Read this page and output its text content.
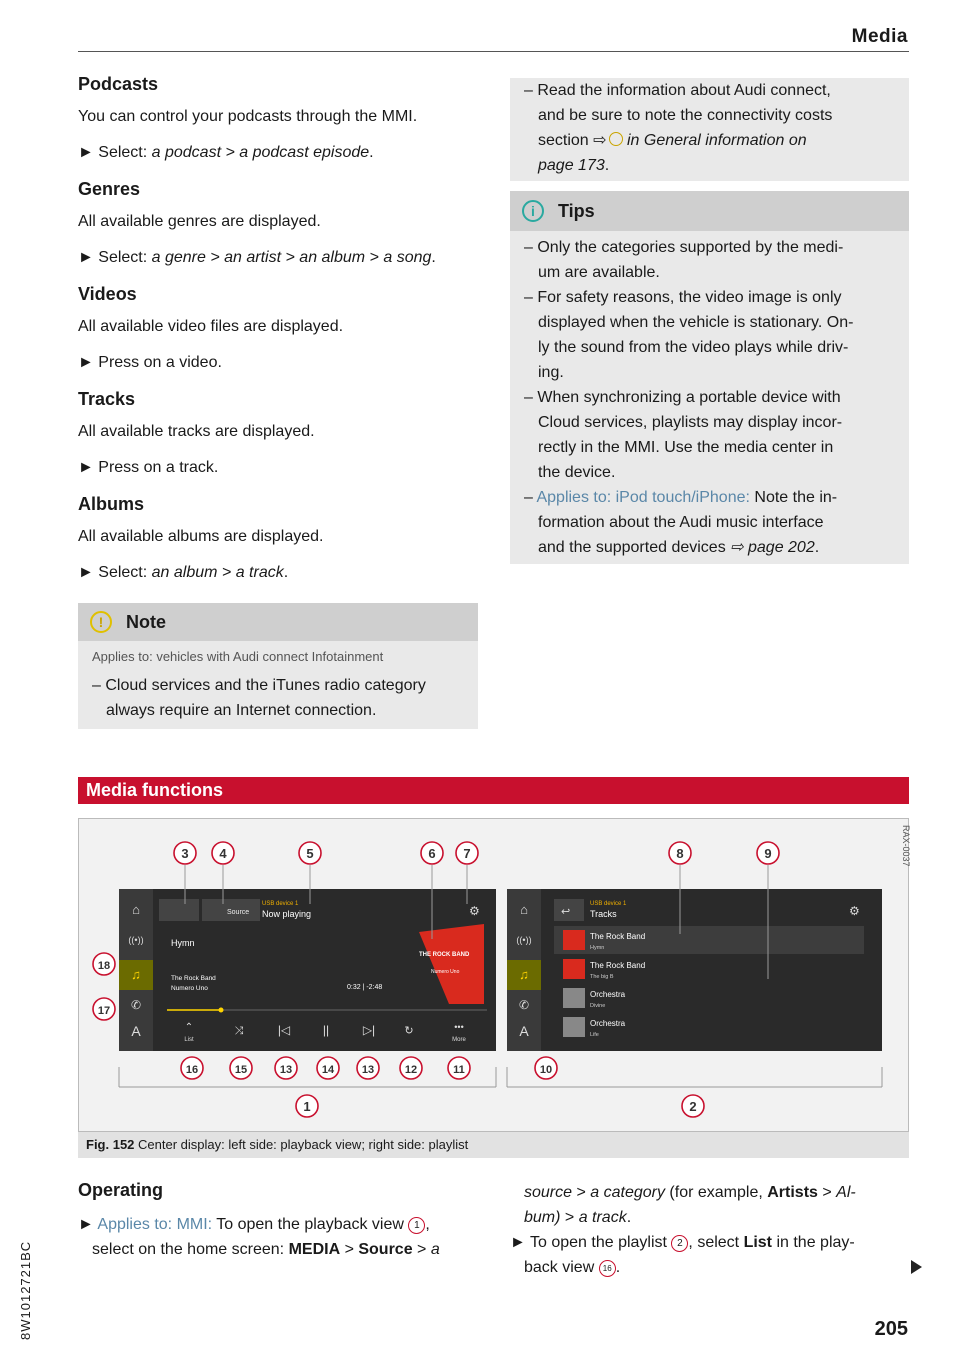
Media
Podcasts

You can control your podcasts through the MMI.

► Select: a podcast > a podcast episode.

Genres

All available genres are displayed.

► Select: a genre > an artist > an album > a song.

Videos

All available video files are displayed.

► Press on a video.

Tracks

All available tracks are displayed.

► Press on a track.

Albums

All available albums are displayed.

► Select: an album > a track.

!	Note

Applies to: vehicles with Audi connect Infotainment

– Cloud services and the iTunes radio category

always require an Internet connection.

– Read the information about Audi connect,

and be sure to note the connectivity costs

section ⇨ in General information on

page 173.

i	Tips

– Only the categories supported by the medi-

um are available.

– For safety reasons, the video image is only

displayed when the vehicle is stationary. On-

ly the sound from the video plays while driv-

ing.

– When synchronizing a portable device with

Cloud services, playlists may display incor-

rectly in the MMI. Use the media center in

the device.

– Applies to: iPod touch/iPhone: Note the in-

formation about the Audi music interface

and the supported devices ⇨ page 202.

Media functions
RAX-0037
⌂
((•))
♫
✆
A
Source
USB device 1
Now playing	⚙
Hymn
The Rock Band
Numero Uno	0:32 | -2:48
THE ROCK BAND
Numero Uno
⌃
List
⤨	|◁	||	▷|	↻	•••
More
⌂
((•))
♫
✆
A
↩
USB device 1
Tracks	⚙
The Rock Band
Hymn
The Rock Band
The big B
Orchestra
Divine
Orchestra
Life
3 4	5	6 7	8	9
18
17
16	15	13	14	13	12	11	10
1	2
Fig. 152 Center display: left side: playback view; right side: playlist
Operating

► Applies to: MMI: To open the playback view 1 ,

select on the home screen: MEDIA > Source > a

source > a category (for example, Artists > Al-

bum) > a track.

► To open the playlist 2 , select List in the play-

back view 16 .

8W1012721BC	205
